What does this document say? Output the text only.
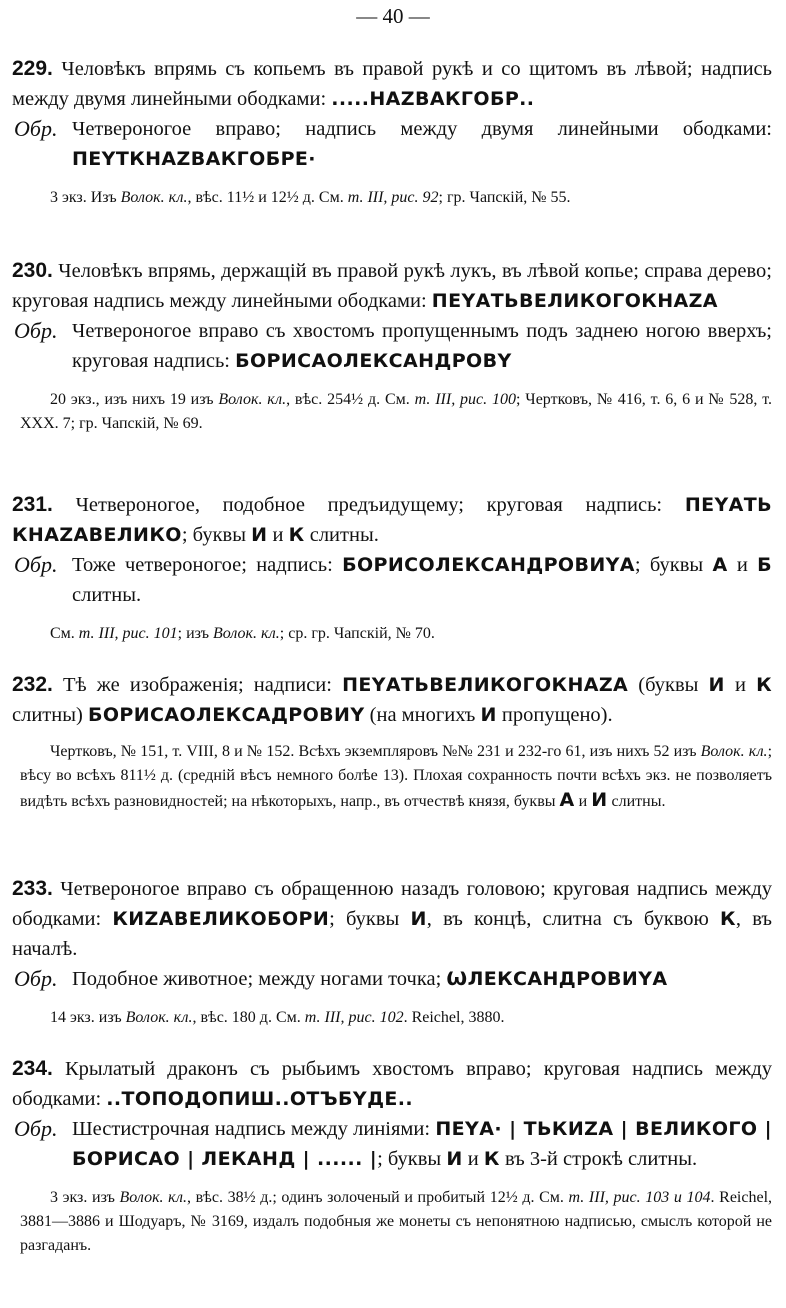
— 40 —
229. Человѣкъ впрямь съ копьемъ въ правой рукѣ и со щитомъ въ лѣвой; надпись между двумя линейными ободками: .....НАZВАКГОБР..
Обр. Четвероногое вправо; надпись между двумя линейными ободками: ПЕҮТКНАZВАКГОБРЕ·
3 экз. Изъ Волок. кл., вѣс. 11½ и 12½ д. См. т. III, рис. 92; гр. Чапскій, № 55.
230. Человѣкъ впрямь, держащій въ правой рукѣ лукъ, въ лѣвой копье; справа дерево; круговая надпись между линейными ободками: ПЕҮАТЬВЕЛИКОГОКНАZА
Обр. Четвероногое вправо съ хвостомъ пропущеннымъ подъ заднею ногою вверхъ; круговая надпись: БОРИСАОЛЕКСАНДРОВҮ
20 экз., изъ нихъ 19 изъ Волок. кл., вѣс. 254½ д. См. т. III, рис. 100; Чертковъ, № 416, т. 6, 6 и № 528, т. XXX. 7; гр. Чапскій, № 69.
231. Четвероногое, подобное предъидущему; круговая надпись: ПЕҮАТЬ КНАZАВЕЛИКО; буквы И и К слитны.
Обр. Тоже четвероногое; надпись: БОРИСОЛЕКСАНДРОВИҮА; буквы А и Б слитны.
См. т. III, рис. 101; изъ Волок. кл.; ср. гр. Чапскій, № 70.
232. Тѣ же изображенія; надписи: ПЕҮАТЬВЕЛИКОГОКНАZА (буквы И и К слитны) БОРИСАОЛЕКСАДРОВИҮ (на многихъ И пропущено).
Чертковъ, № 151, т. VIII, 8 и № 152. Всѣхъ экземпляровъ №№ 231 и 232-го 61, изъ нихъ 52 изъ Волок. кл.; вѣсу во всѣхъ 811½ д. (средній вѣсъ немного болѣе 13). Плохая сохранность почти всѣхъ экз. не позволяетъ видѣть всѣхъ разновидностей; на нѣкоторыхъ, напр., въ отчествѣ князя, буквы А и И слитны.
233. Четвероногое вправо съ обращенною назадъ головою; круговая надпись между ободками: КИZАВЕЛИКОБОРИ; буквы И, въ концѣ, слитна съ буквою К, въ началѣ.
Обр. Подобное животное; между ногами точка; ѠЛЕКСАНДРОВИҮА
14 экз. изъ Волок. кл., вѣс. 180 д. См. т. III, рис. 102. Reichel, 3880.
234. Крылатый драконъ съ рыбьимъ хвостомъ вправо; круговая надпись между ободками: ..ТОПОДОПИШ..ОТЪБҮДЕ..
Обр. Шестистрочная надпись между линіями: ПЕҮА· | ТЬКИZА | ВЕЛИКОГО | БОРИСАО | ЛЕКАНД | ...... |; буквы И и К въ 3-й строкѣ слитны.
3 экз. изъ Волок. кл., вѣс. 38½ д.; одинъ золоченый и пробитый 12½ д. См. т. III, рис. 103 и 104. Reichel, 3881—3886 и Шодуаръ, № 3169, издалъ подобныя же монеты съ непонятною надписью, смыслъ которой не разгаданъ.
